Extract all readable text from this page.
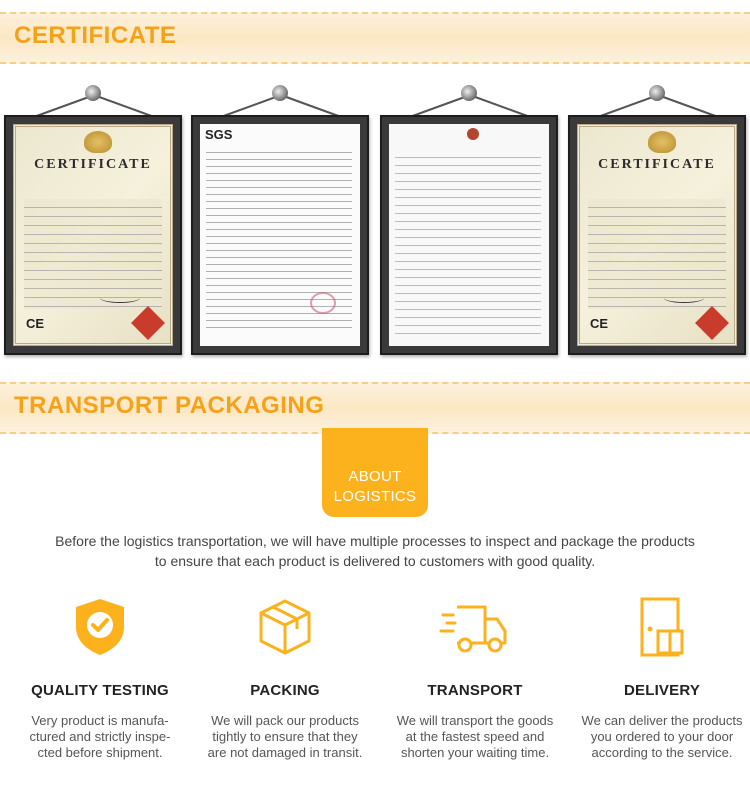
CERTIFICATE
CERTIFICATE
CE
SGS
CERTIFICATE
CE
TRANSPORT PACKAGING
ABOUT
LOGISTICS
Before the logistics transportation, we will have multiple processes to inspect and package the products
to ensure that each product is delivered to customers with good quality.
QUALITY TESTING
Very product is manufa-
ctured and strictly inspe-
cted before shipment.
PACKING
We will pack our products
tightly to ensure that they
are not damaged in transit.
TRANSPORT
We will transport the goods
at the fastest speed and
shorten your waiting time.
DELIVERY
We can deliver the products
you ordered to your door
according to the service.
